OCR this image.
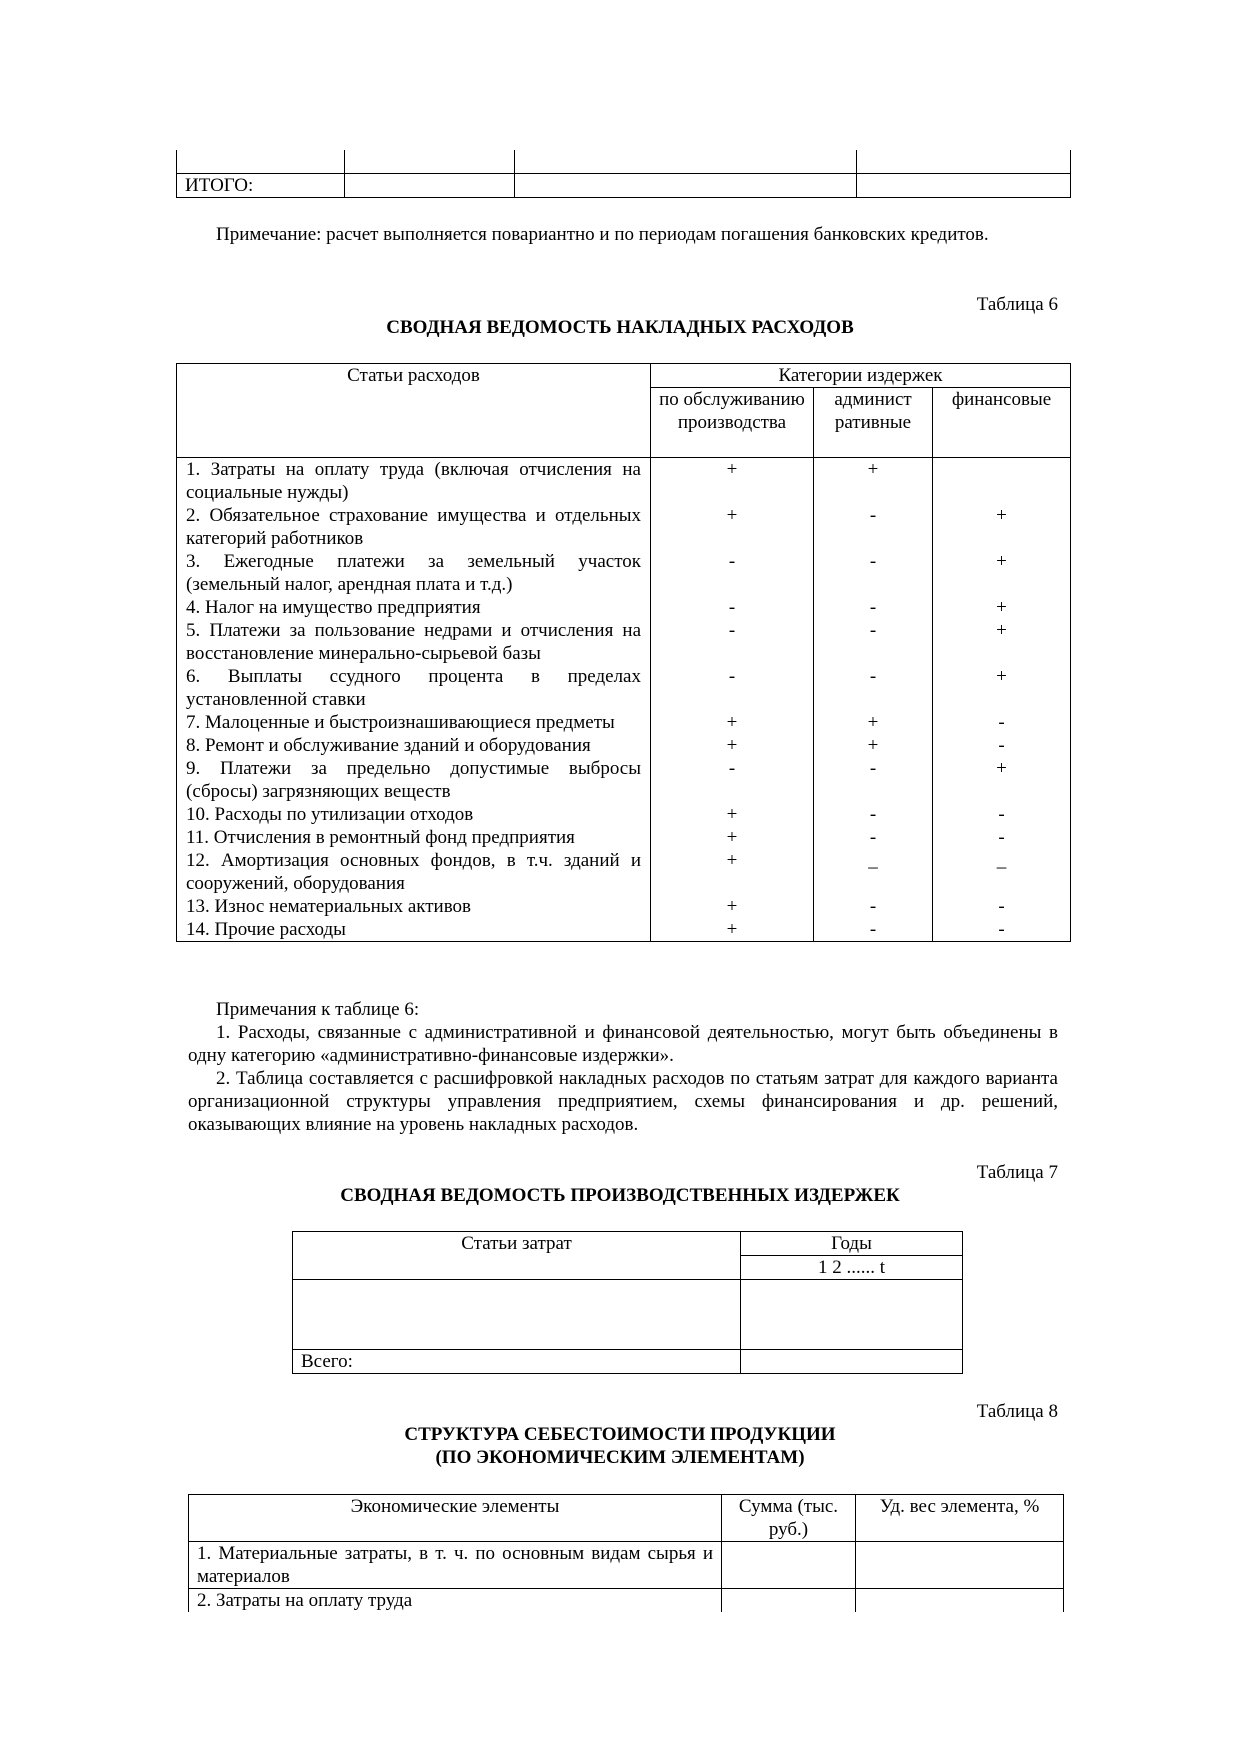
ИТОГО:			
Примечание: расчет выполняется повариантно и по периодам погашения банковских кредитов.
Таблица 6
СВОДНАЯ ВЕДОМОСТЬ НАКЛАДНЫХ РАСХОДОВ
Статьи расходов	Категории издержек		
	по обслуживанию производства	админист ративные	финансовые
1. Затраты на оплату труда (включая отчисления на социальные нужды)	+	+	
2. Обязательное страхование имущества и отдельных категорий работников	+	-	+
3. Ежегодные платежи за земельный участок (земельный налог, арендная плата и т.д.)	-	-	+
4. Налог на имущество предприятия	-	-	+
5. Платежи за пользование недрами и отчисления на восстановление минерально-сырьевой базы	-	-	+
6. Выплаты ссудного процента в пределах установленной ставки	-	-	+
7. Малоценные и быстроизнашивающиеся предметы	+	+	-
8. Ремонт и обслуживание зданий и оборудования	+	+	-
9. Платежи за предельно допустимые выбросы (сбросы) загрязняющих веществ	-	-	+
10. Расходы по утилизации отходов	+	-	-
11. Отчисления в ремонтный фонд предприятия	+	-	-
12. Амортизация основных фондов, в т.ч. зданий и сооружений, оборудования	+	_	_
13. Износ нематериальных активов	+	-	-
14. Прочие расходы	+	-	-
Примечания к таблице 6:
1. Расходы, связанные с административной и финансовой деятельностью, могут быть объединены в одну категорию «административно-финансовые издержки».
2. Таблица составляется с расшифровкой накладных расходов по статьям затрат для каждого варианта организационной структуры управления предприятием, схемы финансирования и др. решений, оказывающих влияние на уровень накладных расходов.
Таблица 7
СВОДНАЯ ВЕДОМОСТЬ ПРОИЗВОДСТВЕННЫХ ИЗДЕРЖЕК
Статьи затрат	Годы
	1 2 ...... t

Всего:	
Таблица 8
СТРУКТУРА СЕБЕСТОИМОСТИ ПРОДУКЦИИ
(ПО ЭКОНОМИЧЕСКИМ ЭЛЕМЕНТАМ)
Экономические элементы	Сумма (тыс. руб.)	Уд. вес элемента, %
1. Материальные затраты, в т. ч. по основным видам сырья и материалов		
2. Затраты на оплату труда		
